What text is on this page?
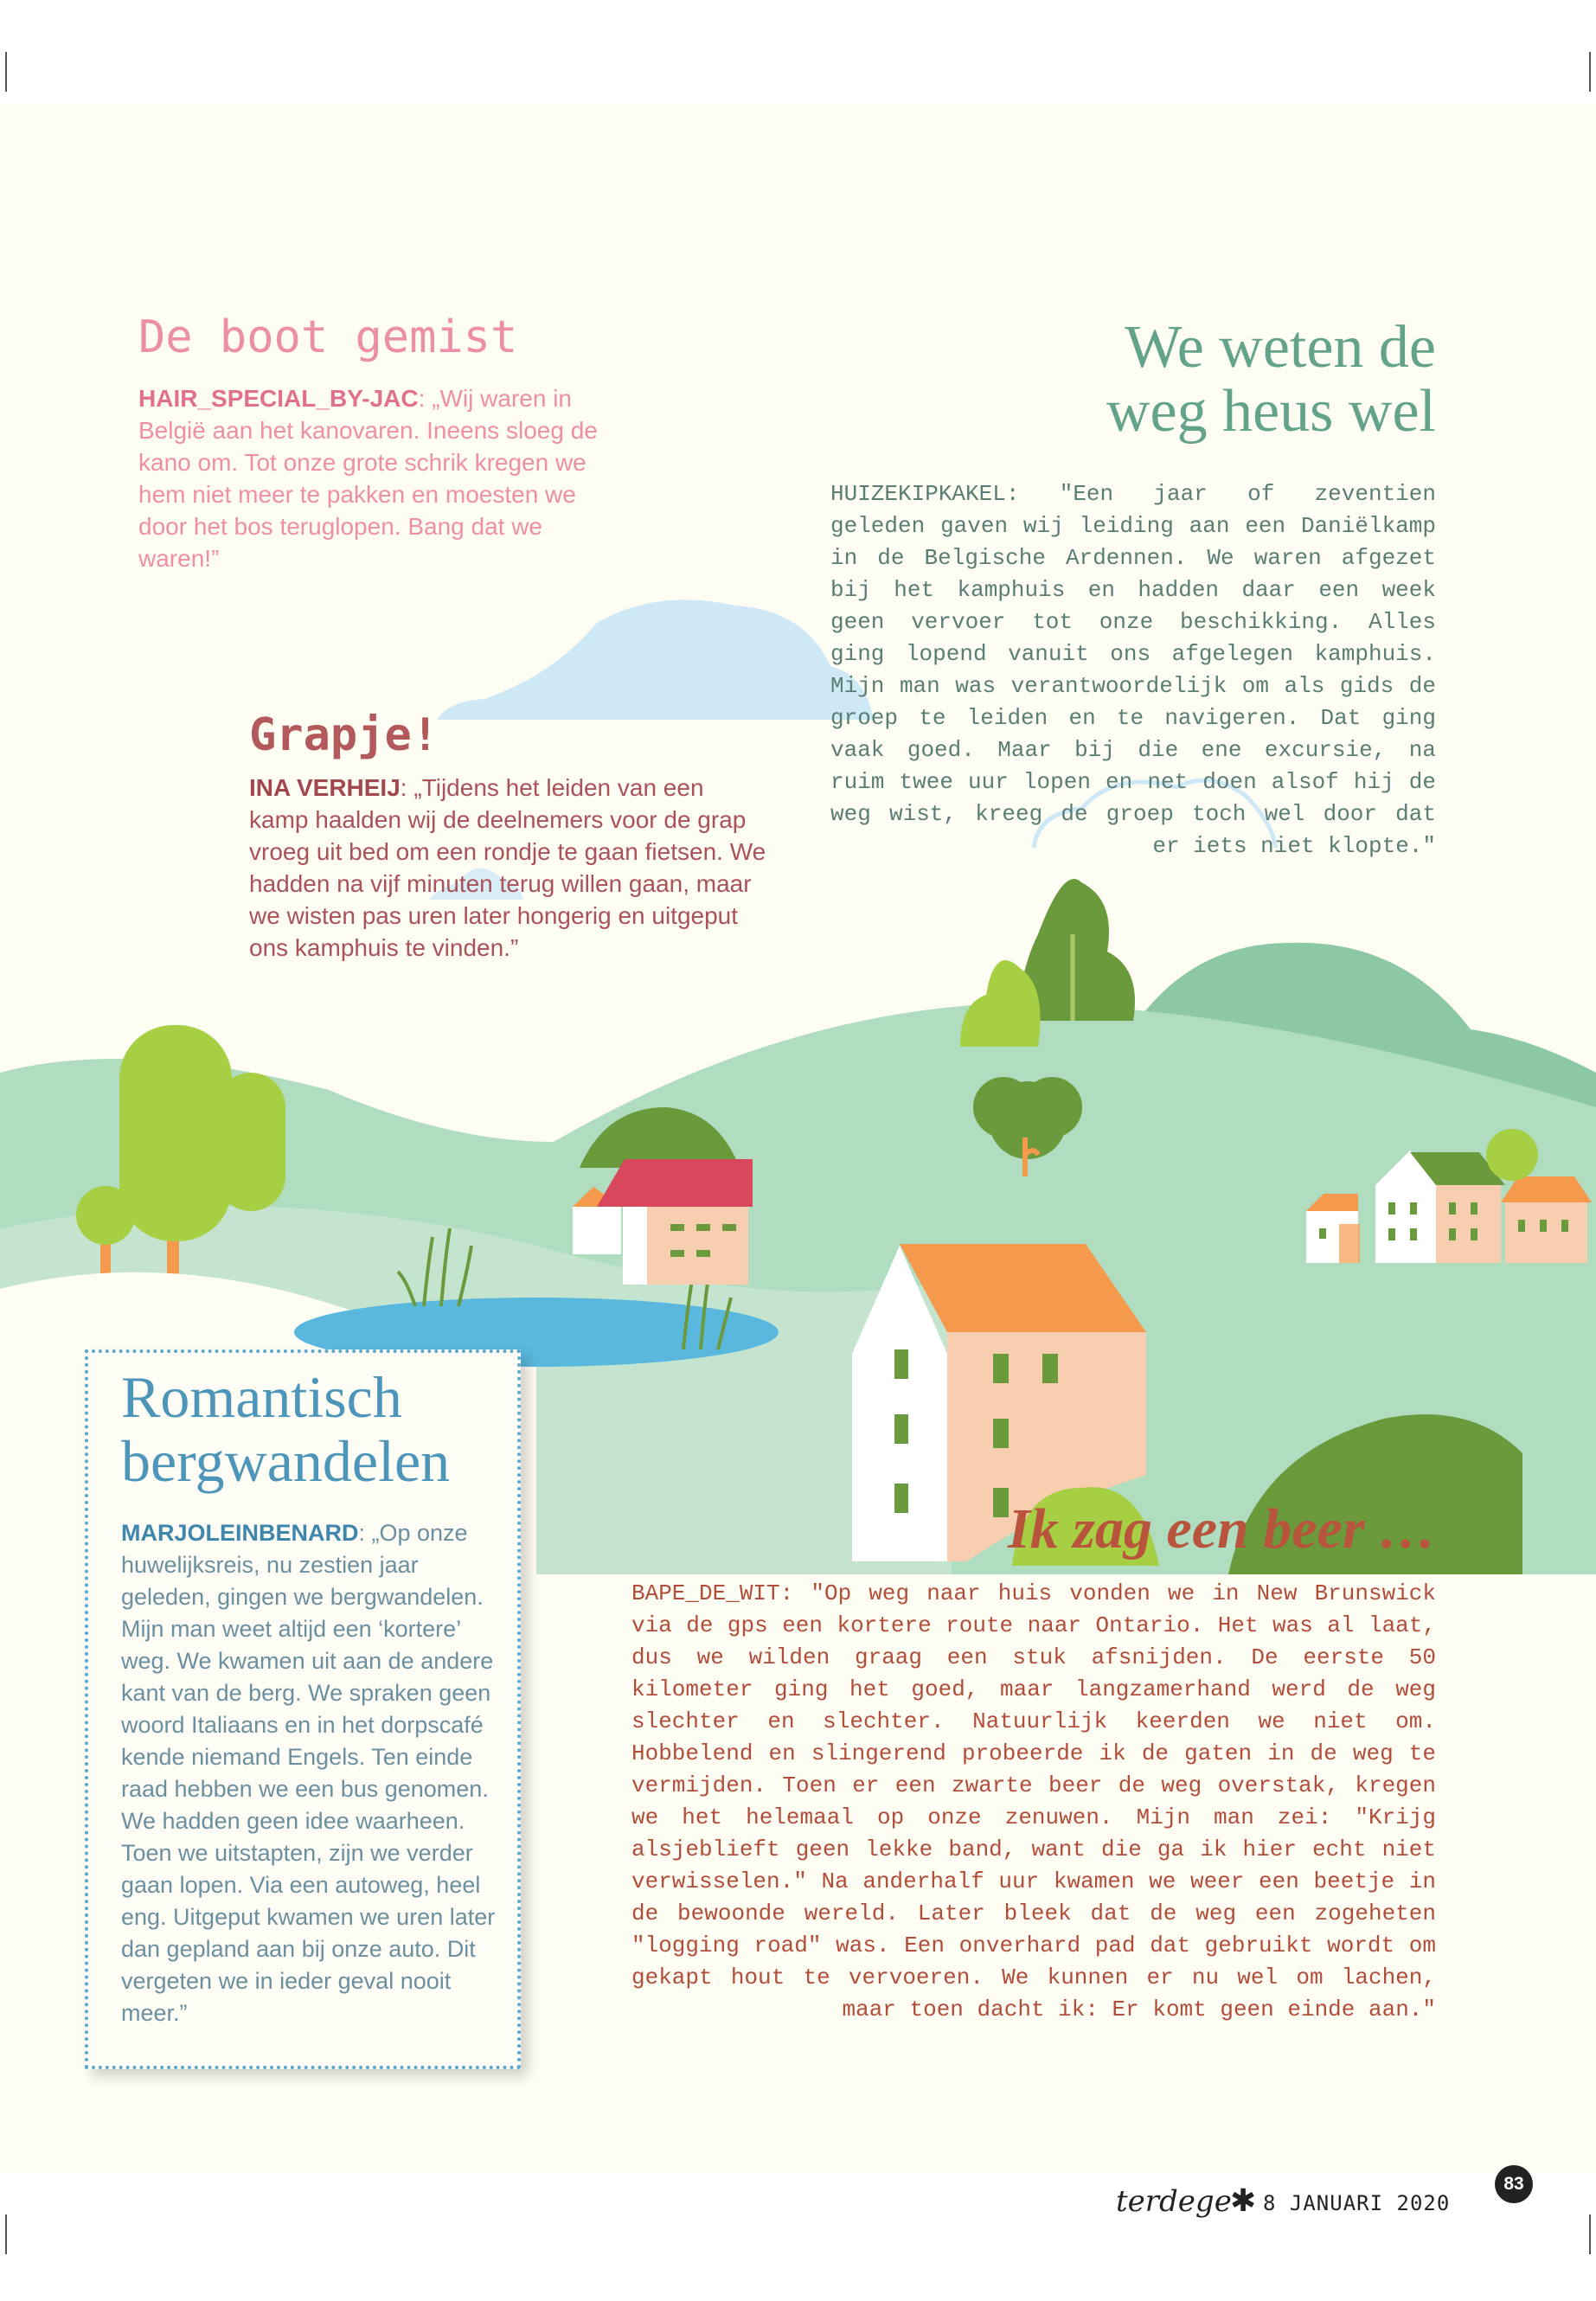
De boot gemist

HAIR_SPECIAL_BY-JAC: „Wij waren in België aan het kanovaren. Ineens sloeg de kano om. Tot onze grote schrik kregen we hem niet meer te pakken en moesten we door het bos teruglopen. Bang dat we waren!”

We weten de
weg heus wel

HUIZEKIPKAKEL: "Een jaar of zeventien geleden gaven wij leiding aan een Daniëlkamp in de Belgische Ardennen. We waren afgezet bij het kamphuis en hadden daar een week geen vervoer tot onze beschikking. Alles ging lopend vanuit ons afgelegen kamphuis. Mijn man was verantwoordelijk om als gids de groep te leiden en te navigeren. Dat ging vaak goed. Maar bij die ene excursie, na ruim twee uur lopen en net doen alsof hij de weg wist, kreeg de groep toch wel door dat er iets niet klopte."

Grapje!

INA VERHEIJ: „Tijdens het leiden van een kamp haalden wij de deelnemers voor de grap vroeg uit bed om een rondje te gaan fietsen. We hadden na vijf minuten terug willen gaan, maar we wisten pas uren later hongerig en uitgeput ons kamphuis te vinden.”

Romantisch
bergwandelen

MARJOLEINBENARD: „Op onze huwelijksreis, nu zestien jaar geleden, gingen we bergwandelen. Mijn man weet altijd een ‘kortere’ weg. We kwamen uit aan de andere kant van de berg. We spraken geen woord Italiaans en in het dorpscafé kende niemand Engels. Ten einde raad hebben we een bus genomen. We hadden geen idee waarheen. Toen we uitstapten, zijn we verder gaan lopen. Via een autoweg, heel eng. Uitgeput kwamen we uren later dan gepland aan bij onze auto. Dit vergeten we in ieder geval nooit meer.”

Ik zag een beer …

BAPE_DE_WIT: "Op weg naar huis vonden we in New Brunswick via de gps een kortere route naar Ontario. Het was al laat, dus we wilden graag een stuk afsnijden. De eerste 50 kilometer ging het goed, maar langzamerhand werd de weg slechter en slechter. Natuurlijk keerden we niet om. Hobbelend en slingerend probeerde ik de gaten in de weg te vermijden. Toen er een zwarte beer de weg overstak, kregen we het helemaal op onze zenuwen. Mijn man zei: "Krijg alsjeblieft geen lekke band, want die ga ik hier echt niet verwisselen." Na anderhalf uur kwamen we weer een beetje in de bewoonde wereld. Later bleek dat de weg een zogeheten "logging road" was. Een onverhard pad dat gebruikt wordt om gekapt hout te vervoeren. We kunnen er nu wel om lachen, maar toen dacht ik: Er komt geen einde aan."

terdege
✱ 8 JANUARI 2020
83
